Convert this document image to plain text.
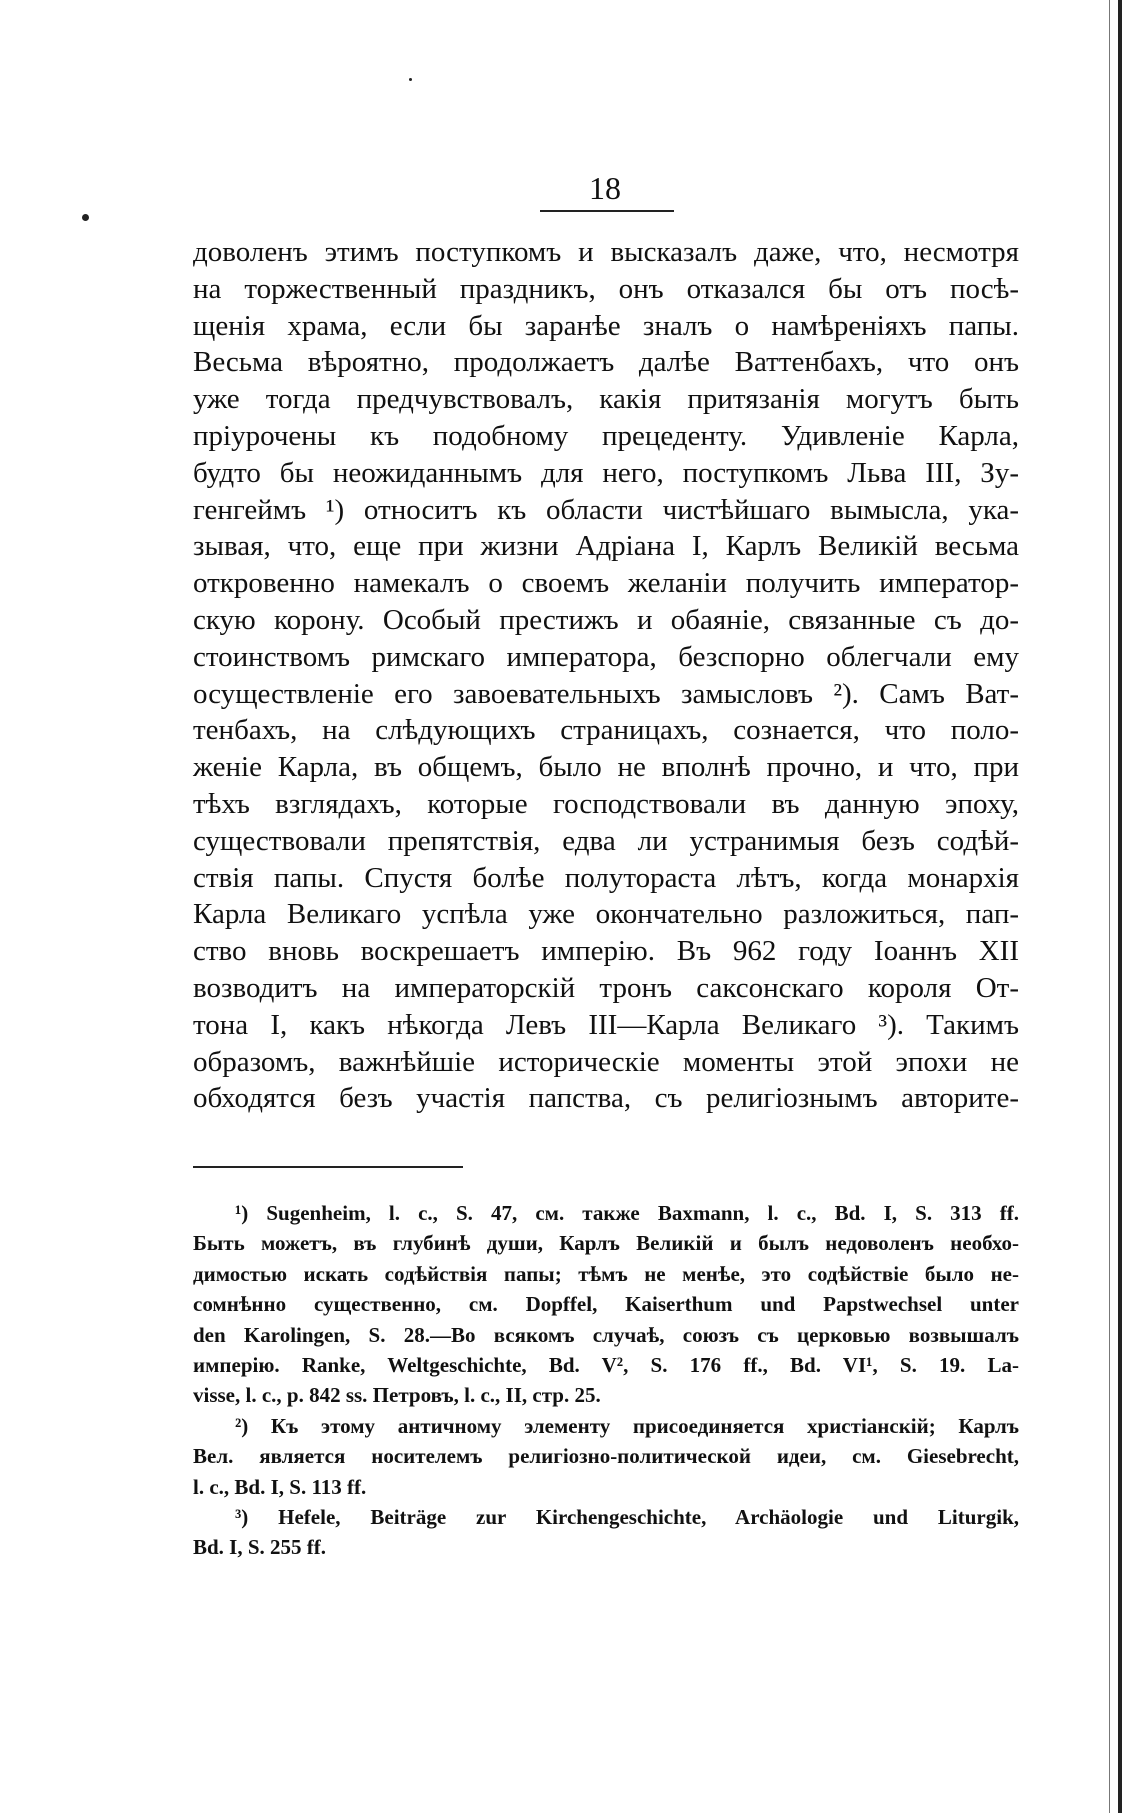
18
доволенъ этимъ поступкомъ и высказалъ даже, что, несмотря
на торжественный праздникъ, онъ отказался бы отъ посѣ-
щенія храма, если бы заранѣе зналъ о намѣреніяхъ папы.
Весьма вѣроятно, продолжаетъ далѣе Ваттенбахъ, что онъ
уже тогда предчувствовалъ, какія притязанія могутъ быть
пріурочены къ подобному прецеденту. Удивленіе Карла,
будто бы неожиданнымъ для него, поступкомъ Льва III, Зу-
генгеймъ ¹) относитъ къ области чистѣйшаго вымысла, ука-
зывая, что, еще при жизни Адріана I, Карлъ Великій весьма
откровенно намекалъ о своемъ желаніи получить император-
скую корону. Особый престижъ и обаяніе, связанные съ до-
стоинствомъ римскаго императора, безспорно облегчали ему
осуществленіе его завоевательныхъ замысловъ ²). Самъ Ват-
тенбахъ, на слѣдующихъ страницахъ, сознается, что поло-
женіе Карла, въ общемъ, было не вполнѣ прочно, и что, при
тѣхъ взглядахъ, которые господствовали въ данную эпоху,
существовали препятствія, едва ли устранимыя безъ содѣй-
ствія папы. Спустя болѣе полутораста лѣтъ, когда монархія
Карла Великаго успѣла уже окончательно разложиться, пап-
ство вновь воскрешаетъ имперію. Въ 962 году Іоаннъ XII
возводитъ на императорскій тронъ саксонскаго короля От-
тона I, какъ нѣкогда Левъ III—Карла Великаго ³). Такимъ
образомъ, важнѣйшіе историческіе моменты этой эпохи не
обходятся безъ участія папства, съ религіознымъ авторите-
¹) Sugenheim, l. c., S. 47, см. также Baxmann, l. c., Bd. I, S. 313 ff.
Быть можетъ, въ глубинѣ души, Карлъ Великій и былъ недоволенъ необхо-
димостью искать содѣйствія папы; тѣмъ не менѣе, это содѣйствіе было не-
сомнѣнно существенно, см. Dopffel, Kaiserthum und Papstwechsel unter
den Karolingen, S. 28.—Во всякомъ случаѣ, союзъ съ церковью возвышалъ
имперію. Ranke, Weltgeschichte, Bd. V², S. 176 ff., Bd. VI¹, S. 19. La-
visse, l. c., p. 842 ss. Петровъ, l. c., II, стр. 25.
²) Къ этому античному элементу присоединяется христіанскій; Карлъ
Вел. является носителемъ религіозно-политической идеи, см. Giesebrecht,
l. c., Bd. I, S. 113 ff.
³) Hefele, Beiträge zur Kirchengeschichte, Archäologie und Liturgik,
Bd. I, S. 255 ff.
